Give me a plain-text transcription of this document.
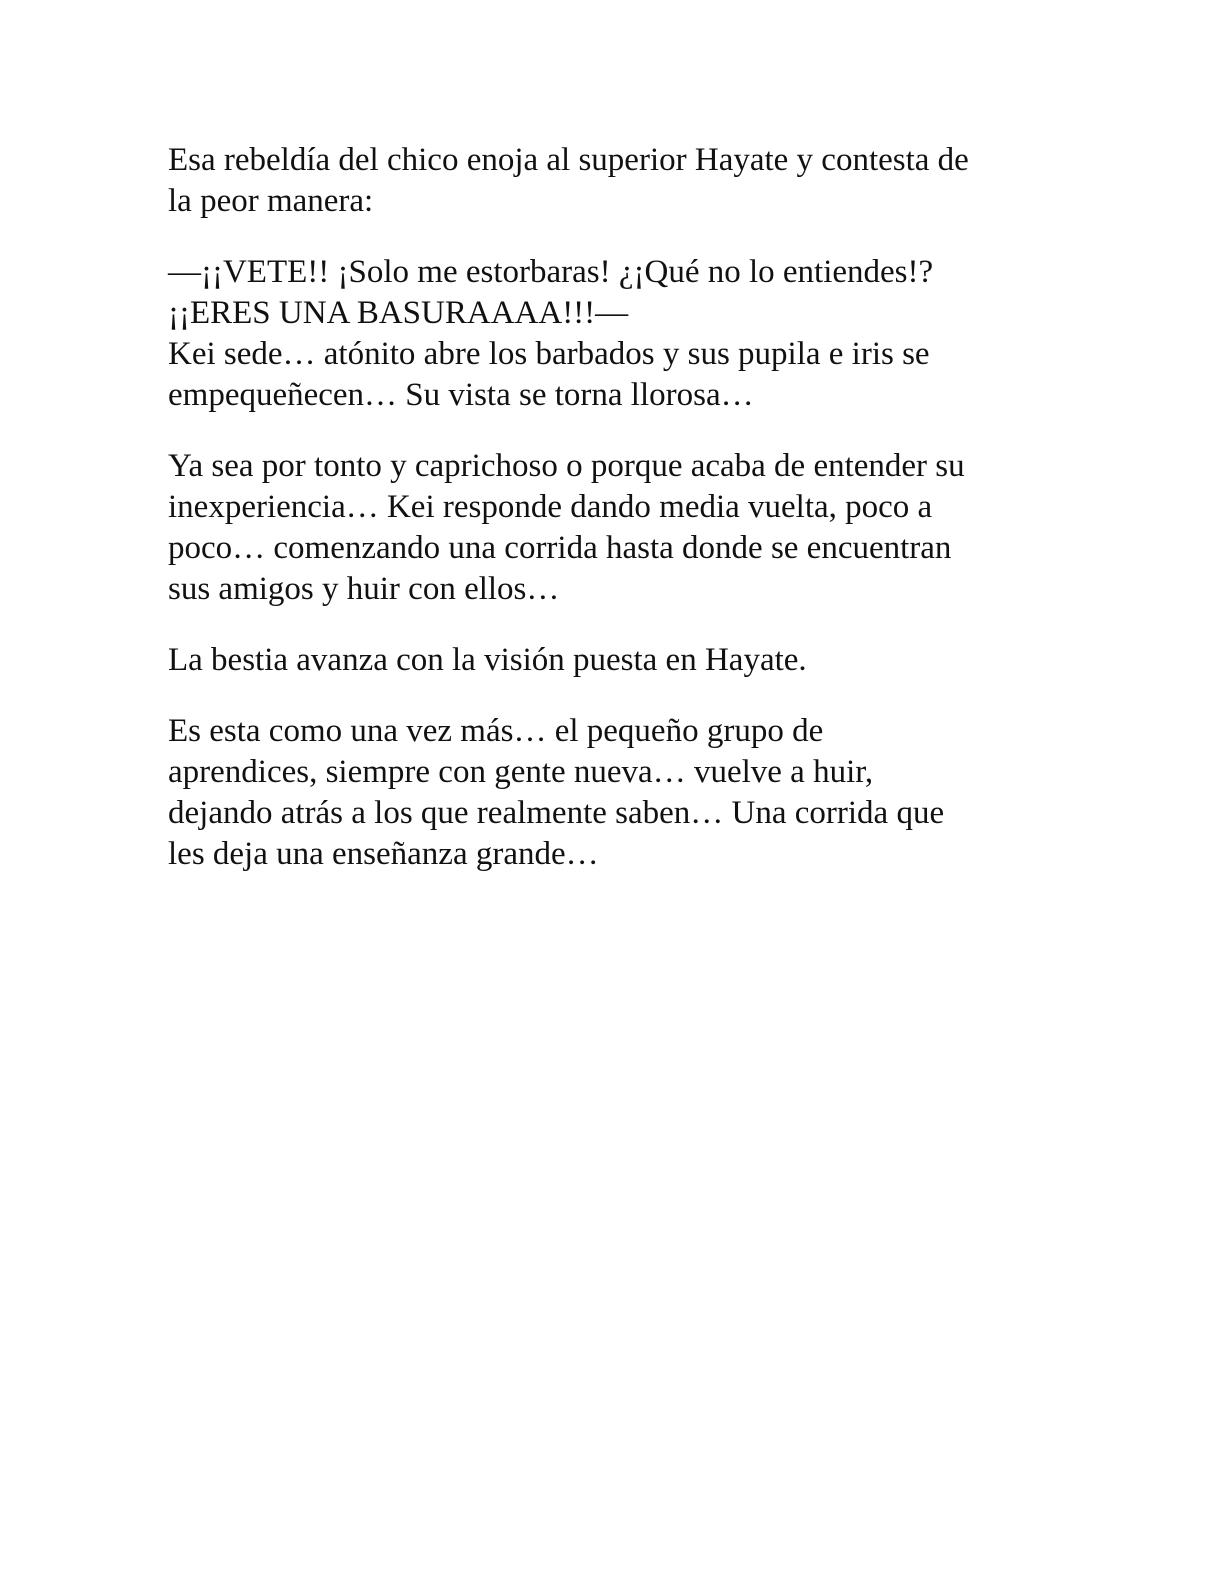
Esa rebeldía del chico enoja al superior Hayate y contesta de
la peor manera:

—¡¡VETE!! ¡Solo me estorbaras! ¿¡Qué no lo entiendes!?
¡¡ERES UNA BASURAAAA!!!—
Kei sede… atónito abre los barbados y sus pupila e iris se
empequeñecen… Su vista se torna llorosa…

Ya sea por tonto y caprichoso o porque acaba de entender su
inexperiencia… Kei responde dando media vuelta, poco a
poco… comenzando una corrida hasta donde se encuentran
sus amigos y huir con ellos…

La bestia avanza con la visión puesta en Hayate.

Es esta como una vez más… el pequeño grupo de
aprendices, siempre con gente nueva… vuelve a huir,
dejando atrás a los que realmente saben… Una corrida que
les deja una enseñanza grande…
